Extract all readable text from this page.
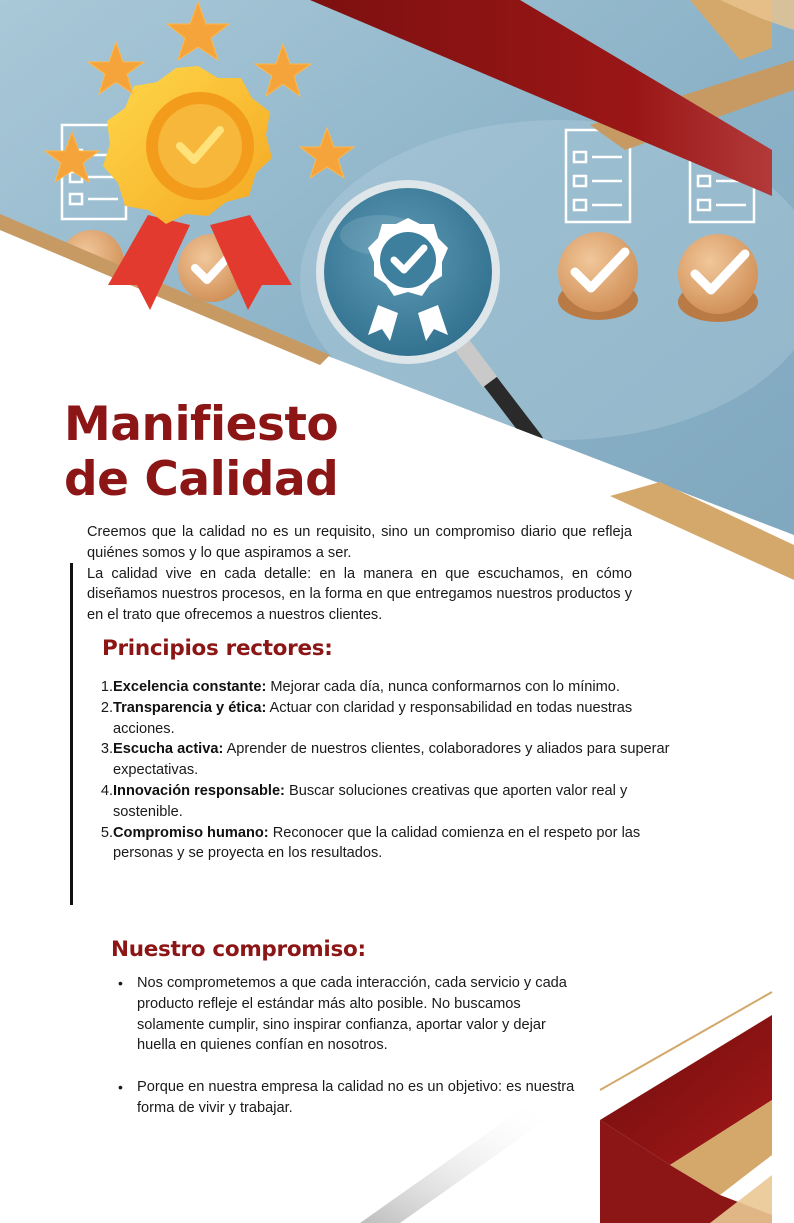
Manifiesto
de Calidad

Creemos que la calidad no es un requisito, sino un compromiso diario que refleja quiénes somos y lo que aspiramos a ser.

La calidad vive en cada detalle: en la manera en que escuchamos, en cómo diseñamos nuestros procesos, en la forma en que entregamos nuestros productos y en el trato que ofrecemos a nuestros clientes.

Principios rectores:
1. Excelencia constante: Mejorar cada día, nunca conformarnos con lo mínimo.
2. Transparencia y ética: Actuar con claridad y responsabilidad en todas nuestras acciones.
3. Escucha activa: Aprender de nuestros clientes, colaboradores y aliados para superar expectativas.
4. Innovación responsable: Buscar soluciones creativas que aporten valor real y sostenible.
5. Compromiso humano: Reconocer que la calidad comienza en el respeto por las personas y se proyecta en los resultados.
Nuestro compromiso:
• Nos comprometemos a que cada interacción, cada servicio y cada producto refleje el estándar más alto posible. No buscamos solamente cumplir, sino inspirar confianza, aportar valor y dejar huella en quienes confían en nosotros.
• Porque en nuestra empresa la calidad no es un objetivo: es nuestra forma de vivir y trabajar.
